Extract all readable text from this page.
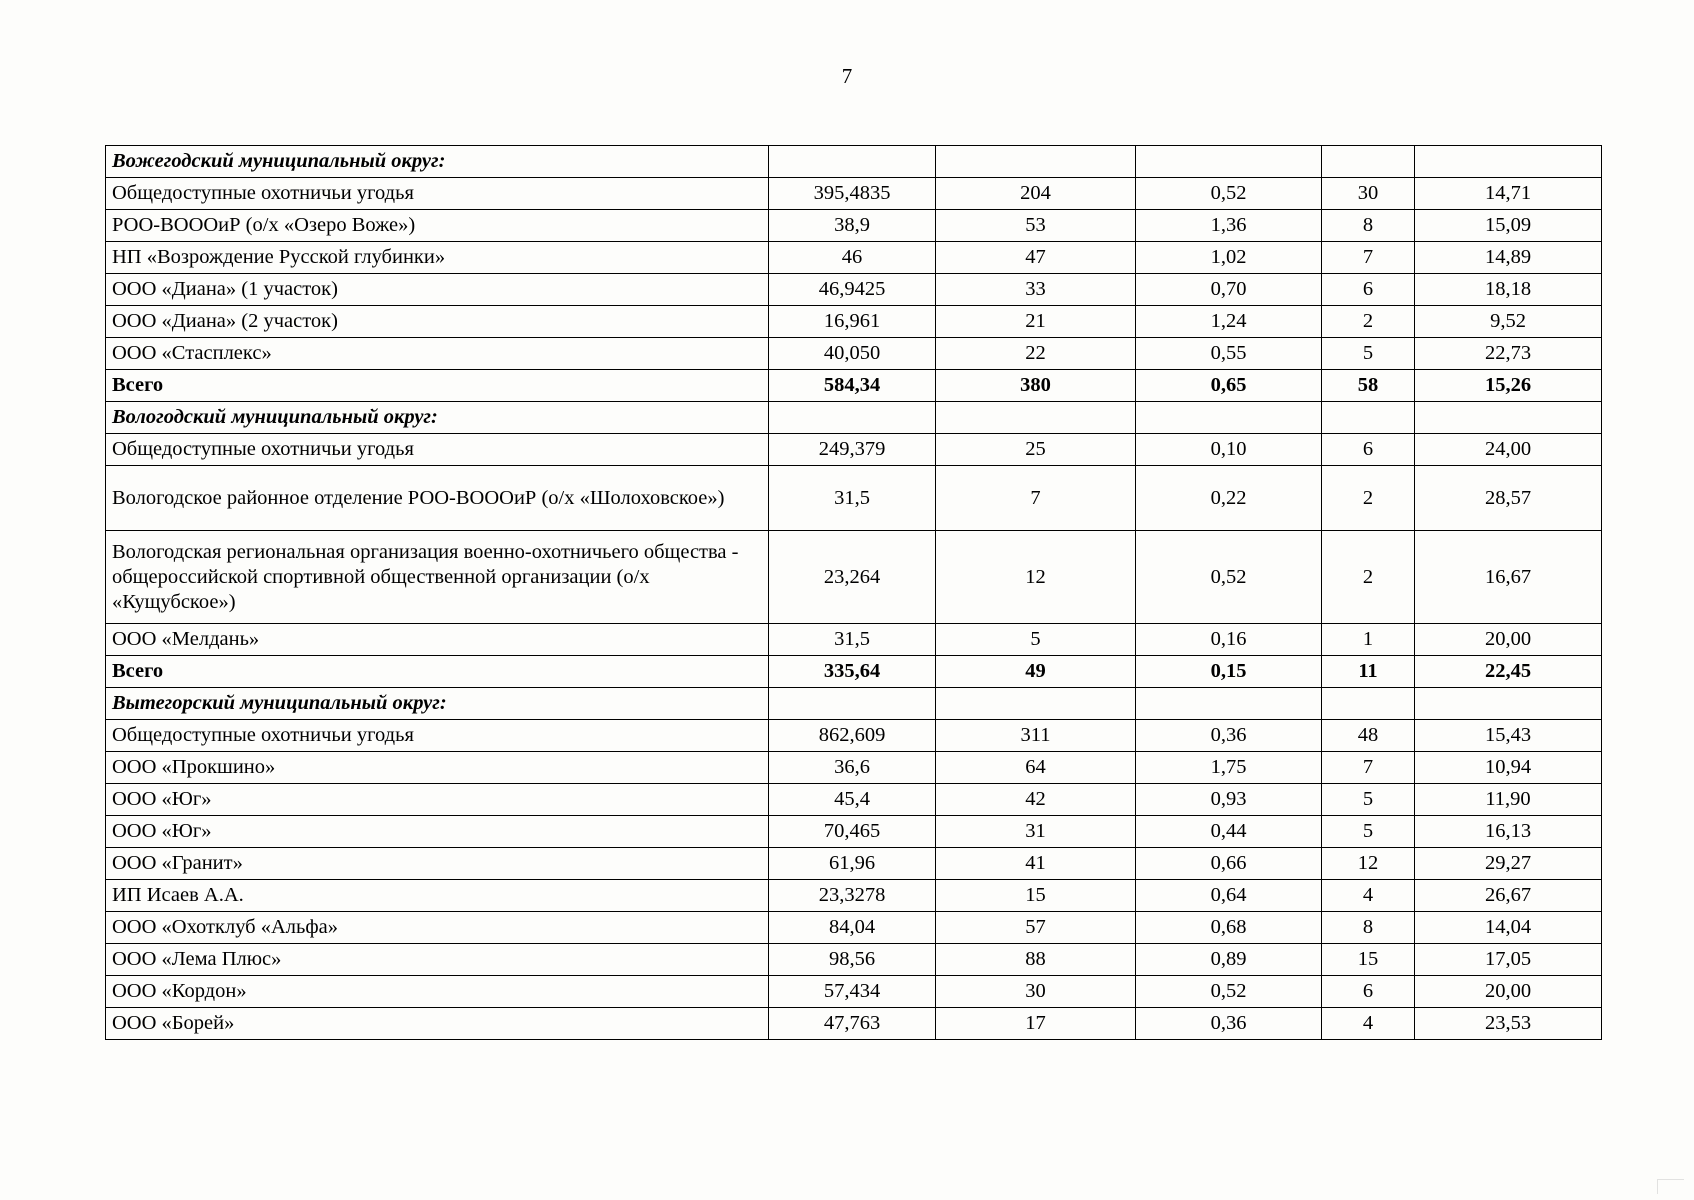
7
Вожегодский муниципальный округ:					
Общедоступные охотничьи угодья	395,4835	204	0,52	30	14,71
РОО-ВОООиР (о/х «Озеро Воже»)	38,9	53	1,36	8	15,09
НП «Возрождение Русской глубинки»	46	47	1,02	7	14,89
ООО «Диана» (1 участок)	46,9425	33	0,70	6	18,18
ООО «Диана» (2 участок)	16,961	21	1,24	2	9,52
ООО «Стасплекс»	40,050	22	0,55	5	22,73
Всего	584,34	380	0,65	58	15,26
Вологодский муниципальный округ:					
Общедоступные охотничьи угодья	249,379	25	0,10	6	24,00
Вологодское районное отделение РОО-ВОООиР (о/х «Шолоховское»)	31,5	7	0,22	2	28,57
Вологодская региональная организация военно-охотничьего общества - общероссийской спортивной общественной организации (о/х «Кущубское»)	23,264	12	0,52	2	16,67
ООО «Мелдань»	31,5	5	0,16	1	20,00
Всего	335,64	49	0,15	11	22,45
Вытегорский муниципальный округ:					
Общедоступные охотничьи угодья	862,609	311	0,36	48	15,43
ООО «Прокшино»	36,6	64	1,75	7	10,94
ООО «Юг»	45,4	42	0,93	5	11,90
ООО «Юг»	70,465	31	0,44	5	16,13
ООО «Гранит»	61,96	41	0,66	12	29,27
ИП Исаев А.А.	23,3278	15	0,64	4	26,67
ООО «Охотклуб «Альфа»	84,04	57	0,68	8	14,04
ООО «Лема Плюс»	98,56	88	0,89	15	17,05
ООО «Кордон»	57,434	30	0,52	6	20,00
ООО «Борей»	47,763	17	0,36	4	23,53
